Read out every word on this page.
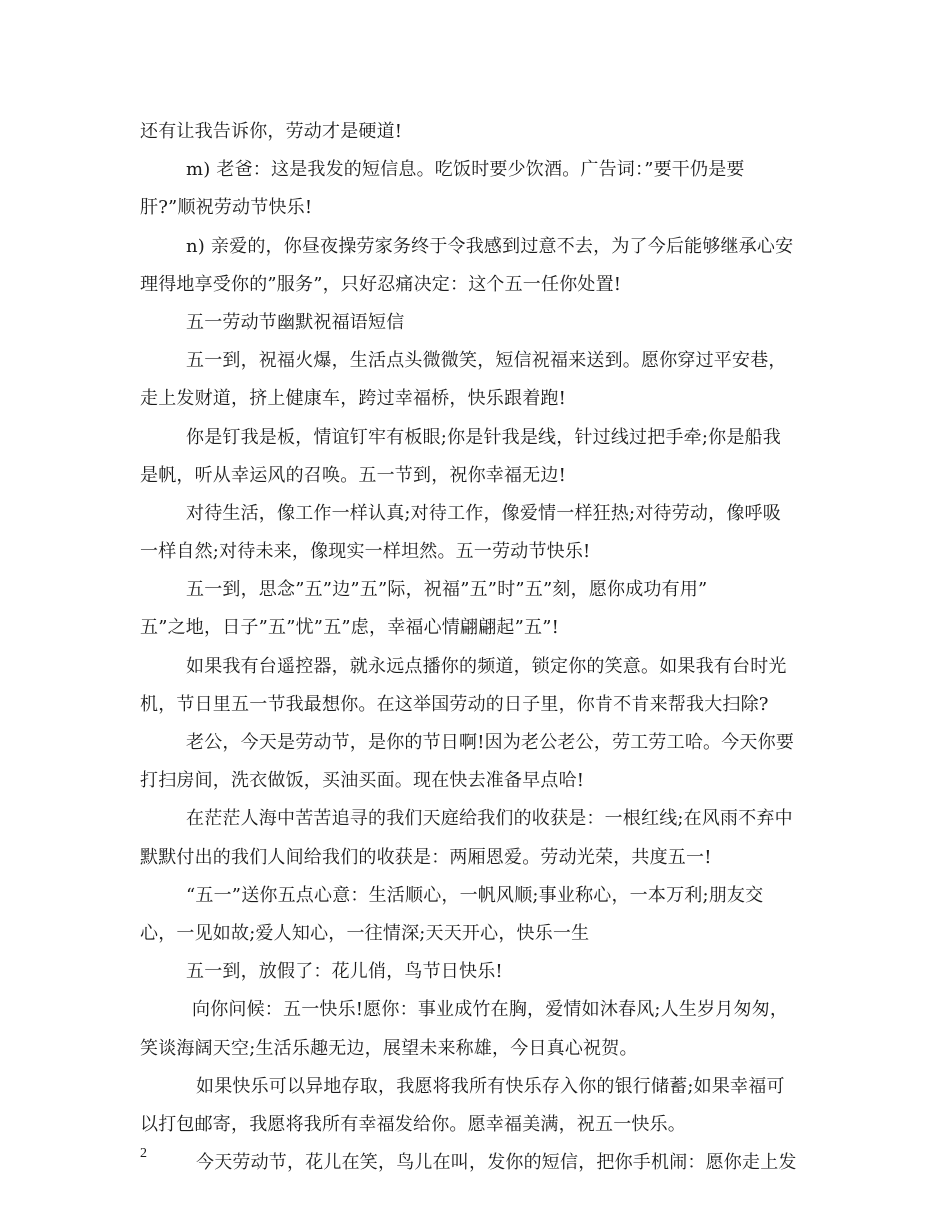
还有让我告诉你，劳动才是硬道!
m) 老爸：这是我发的短信息。吃饭时要少饮酒。广告词：”要干仍是要
肝?”顺祝劳动节快乐!
n) 亲爱的，你昼夜操劳家务终于令我感到过意不去，为了今后能够继承心安
理得地享受你的”服务”，只好忍痛决定：这个五一任你处置!
五一劳动节幽默祝福语短信
五一到，祝福火爆，生活点头微微笑，短信祝福来送到。愿你穿过平安巷，
走上发财道，挤上健康车，跨过幸福桥，快乐跟着跑!
你是钉我是板，情谊钉牢有板眼;你是针我是线，针过线过把手牵;你是船我
是帆，听从幸运风的召唤。五一节到，祝你幸福无边!
对待生活，像工作一样认真;对待工作，像爱情一样狂热;对待劳动，像呼吸
一样自然;对待未来，像现实一样坦然。五一劳动节快乐!
五一到，思念”五”边”五”际，祝福”五”时”五”刻，愿你成功有用”
五”之地，日子”五”忧”五”虑，幸福心情翩翩起”五”!
如果我有台遥控器，就永远点播你的频道，锁定你的笑意。如果我有台时光
机，节日里五一节我最想你。在这举国劳动的日子里，你肯不肯来帮我大扫除?
老公，今天是劳动节，是你的节日啊!因为老公老公，劳工劳工哈。今天你要
打扫房间，洗衣做饭，买油买面。现在快去准备早点哈!
在茫茫人海中苦苦追寻的我们天庭给我们的收获是：一根红线;在风雨不弃中
默默付出的我们人间给我们的收获是：两厢恩爱。劳动光荣，共度五一!
“五一”送你五点心意：生活顺心，一帆风顺;事业称心，一本万利;朋友交
心，一见如故;爱人知心，一往情深;天天开心，快乐一生
五一到，放假了：花儿俏，鸟节日快乐!
向你问候：五一快乐!愿你：事业成竹在胸，爱情如沐春风;人生岁月匆匆，
笑谈海阔天空;生活乐趣无边，展望未来称雄，今日真心祝贺。
如果快乐可以异地存取，我愿将我所有快乐存入你的银行储蓄;如果幸福可
以打包邮寄，我愿将我所有幸福发给你。愿幸福美满，祝五一快乐。
今天劳动节，花儿在笑，鸟儿在叫，发你的短信，把你手机闹：愿你走上发
2
